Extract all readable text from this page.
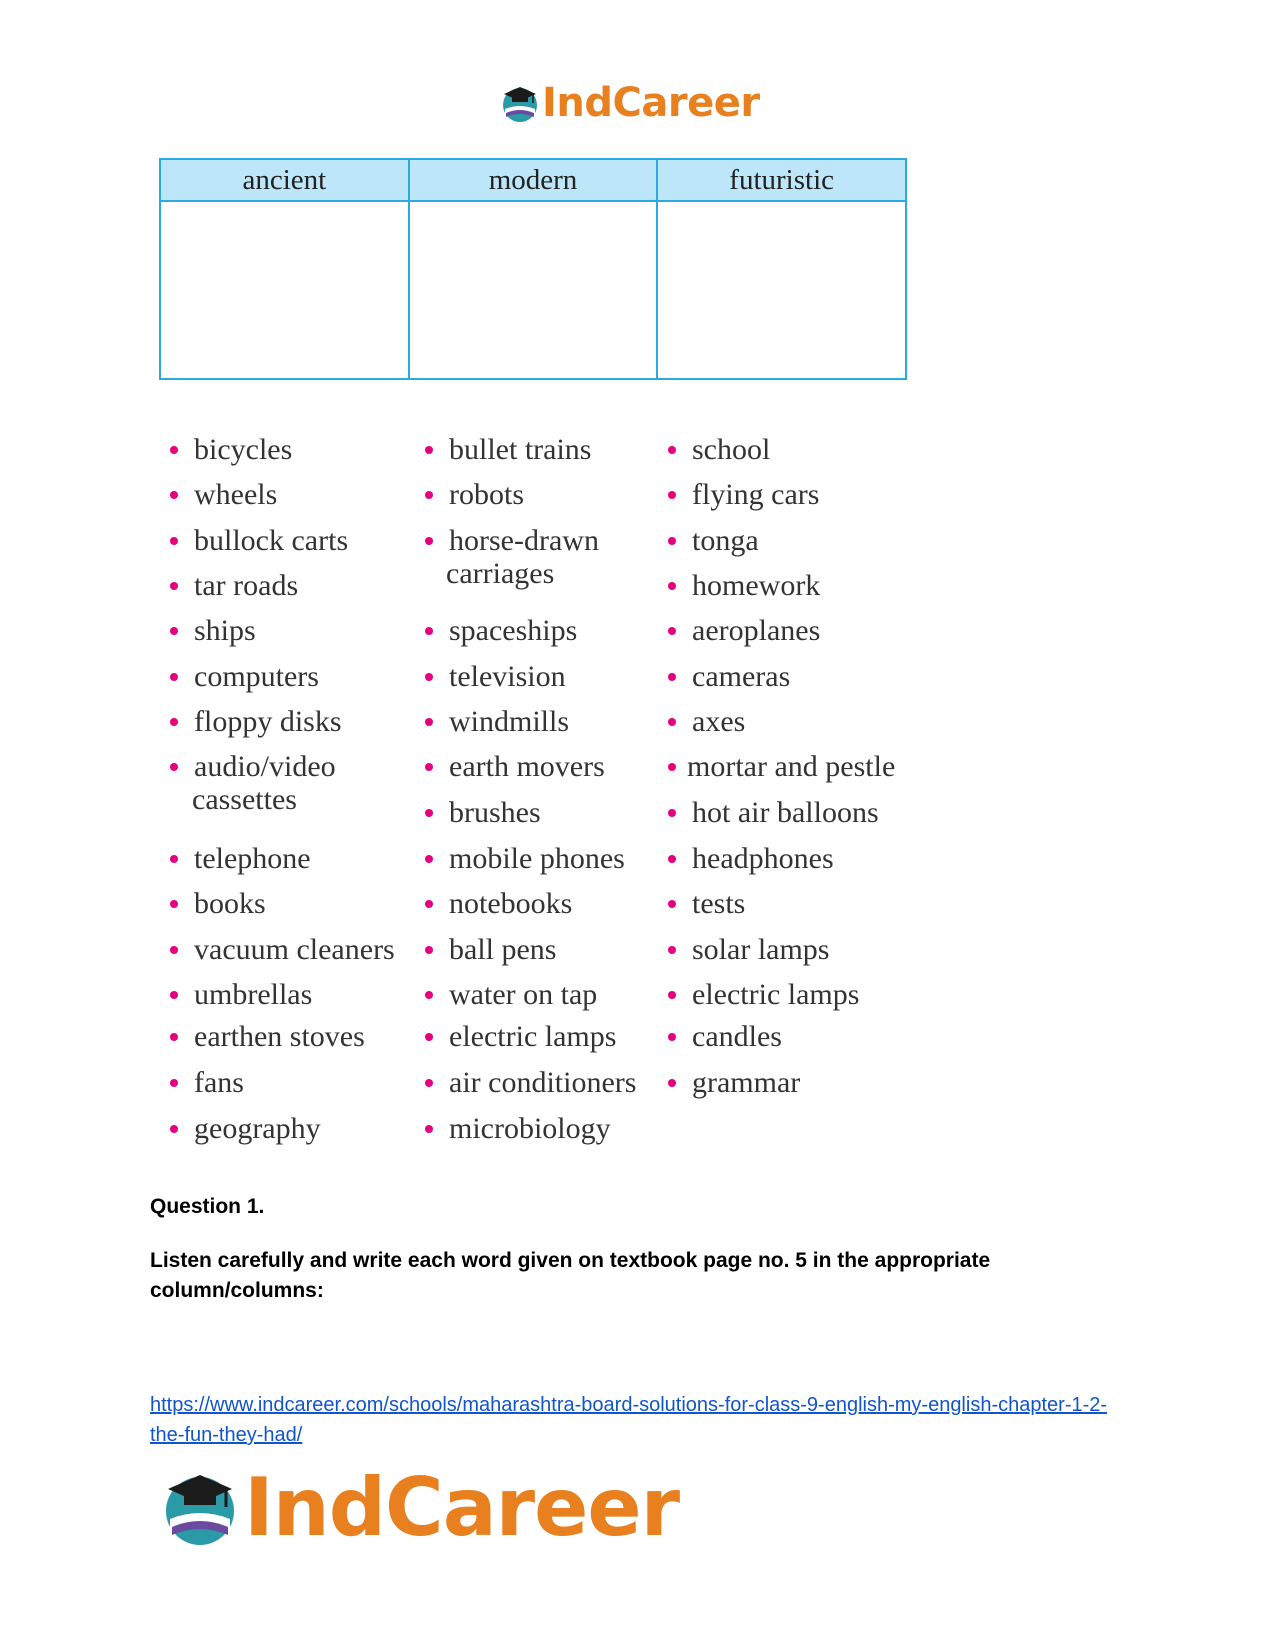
IndCareer
ancient	modern	futuristic

bicycles
wheels
bullock carts
tar roads
ships
computers
floppy disks
audio/video
cassettes
telephone
books
vacuum cleaners
umbrellas
earthen stoves
fans
geography
bullet trains
robots
horse-drawn
carriages
spaceships
television
windmills
earth movers
brushes
mobile phones
notebooks
ball pens
water on tap
electric lamps
air conditioners
microbiology
school
flying cars
tonga
homework
aeroplanes
cameras
axes
mortar and pestle
hot air balloons
headphones
tests
solar lamps
electric lamps
candles
grammar
Question 1.
Listen carefully and write each word given on textbook page no. 5 in the appropriate column/columns:
https://www.indcareer.com/schools/maharashtra-board-solutions-for-class-9-english-my-english-chapter-1-2-the-fun-they-had/
IndCareer
